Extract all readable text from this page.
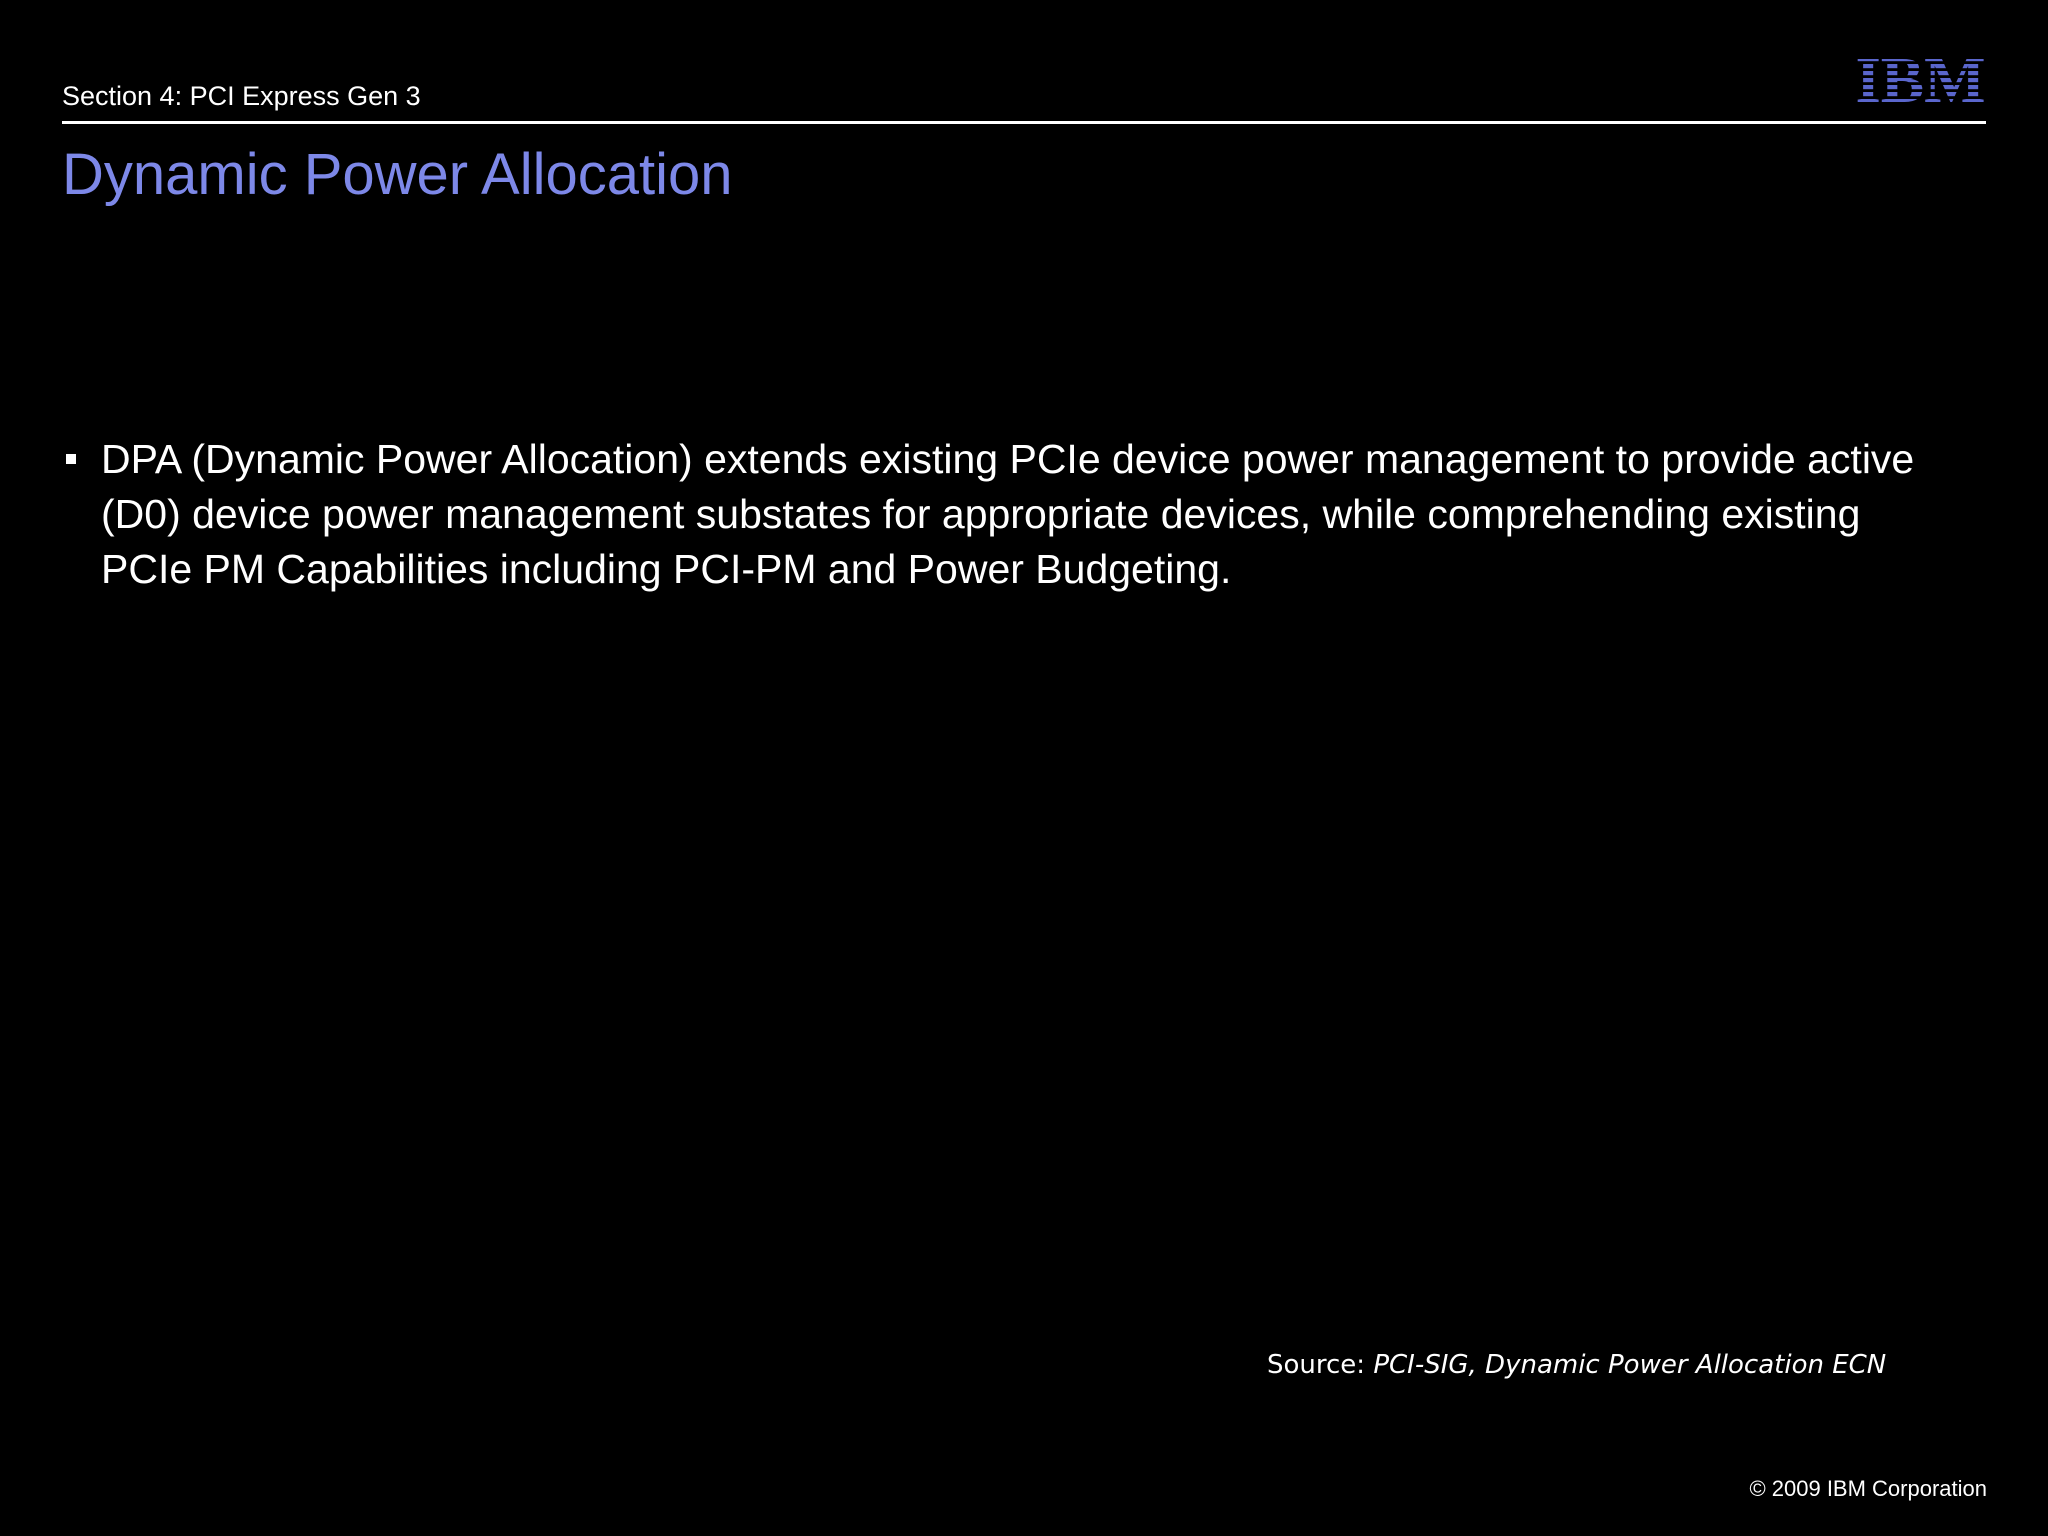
Section 4: PCI Express Gen 3
Dynamic Power Allocation
DPA (Dynamic Power Allocation) extends existing PCIe device power management to provide active (D0) device power management substates for appropriate devices, while comprehending existing PCIe PM Capabilities including PCI-PM and Power Budgeting.
Source: PCI-SIG, Dynamic Power Allocation ECN
© 2009 IBM Corporation
